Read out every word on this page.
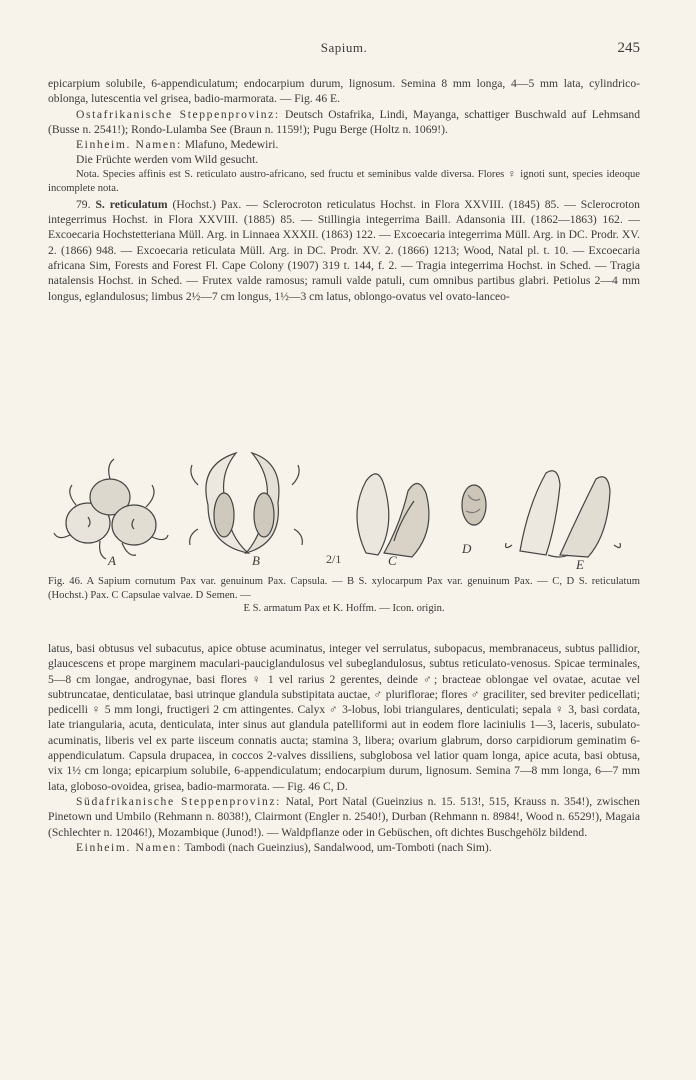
Sapium.	245

epicarpium solubile, 6-appendiculatum; endocarpium durum, lignosum. Semina 8 mm longa, 4—5 mm lata, cylindrico-oblonga, lutescentia vel grisea, badio-marmorata. — Fig. 46 E.

Ostafrikanische Steppenprovinz: Deutsch Ostafrika, Lindi, Mayanga, schattiger Buschwald auf Lehmsand (Busse n. 2541!); Rondo-Lulamba See (Braun n. 1159!); Pugu Berge (Holtz n. 1069!).

Einheim. Namen: Mlafuno, Medewiri.

Die Früchte werden vom Wild gesucht.

Nota. Species affinis est S. reticulato austro-africano, sed fructu et seminibus valde diversa. Flores ♀ ignoti sunt, species ideoque incomplete nota.

79. S. reticulatum (Hochst.) Pax. — Sclerocroton reticulatus Hochst. in Flora XXVIII. (1845) 85. — Sclerocroton integerrimus Hochst. in Flora XXVIII. (1885) 85. — Stillingia integerrima Baill. Adansonia III. (1862—1863) 162. — Excoecaria Hochstetteriana Müll. Arg. in Linnaea XXXII. (1863) 122. — Excoecaria integerrima Müll. Arg. in DC. Prodr. XV. 2. (1866) 948. — Excoecaria reticulata Müll. Arg. in DC. Prodr. XV. 2. (1866) 1213; Wood, Natal pl. t. 10. — Excoecaria africana Sim, Forests and Forest Fl. Cape Colony (1907) 319 t. 144, f. 2. — Tragia integerrima Hochst. in Sched. — Tragia natalensis Hochst. in Sched. — Frutex valde ramosus; ramuli valde patuli, cum omnibus partibus glabri. Petiolus 2—4 mm longus, eglandulosus; limbus 2½—7 cm longus, 1½—3 cm latus, oblongo-ovatus vel ovato-lanceo-

2/1
A	B	C
D
E
Fig. 46. A Sapium cornutum Pax var. genuinum Pax. Capsula. — B S. xylocarpum Pax var. genuinum Pax. — C, D S. reticulatum (Hochst.) Pax. C Capsulae valvae. D Semen. —
E S. armatum Pax et K. Hoffm. — Icon. origin.

latus, basi obtusus vel subacutus, apice obtuse acuminatus, integer vel serrulatus, subopacus, membranaceus, subtus pallidior, glaucescens et prope marginem maculari-pauciglandulosus vel subeglandulosus, subtus reticulato-venosus. Spicae terminales, 5—8 cm longae, androgynae, basi flores ♀ 1 vel rarius 2 gerentes, deinde ♂; bracteae oblongae vel ovatae, acutae vel subtruncatae, denticulatae, basi utrinque glandula substipitata auctae, ♂ pluriflorae; flores ♂ graciliter, sed breviter pedicellati; pedicelli ♀ 5 mm longi, fructigeri 2 cm attingentes. Calyx ♂ 3-lobus, lobi triangulares, denticulati; sepala ♀ 3, basi cordata, late triangularia, acuta, denticulata, inter sinus aut glandula patelliformi aut in eodem flore laciniulis 1—3, laceris, subulato-acuminatis, liberis vel ex parte iisceum connatis aucta; stamina 3, libera; ovarium glabrum, dorso carpidiorum geminatim 6-appendiculatum. Capsula drupacea, in coccos 2-valves dissiliens, subglobosa vel latior quam longa, apice acuta, basi obtusa, vix 1½ cm longa; epicarpium solubile, 6-appendiculatum; endocarpium durum, lignosum. Semina 7—8 mm longa, 6—7 mm lata, globoso-ovoidea, grisea, badio-marmorata. — Fig. 46 C, D.

Südafrikanische Steppenprovinz: Natal, Port Natal (Gueinzius n. 15. 513!, 515, Krauss n. 354!), zwischen Pinetown und Umbilo (Rehmann n. 8038!), Clairmont (Engler n. 2540!), Durban (Rehmann n. 8984!, Wood n. 6529!), Magaia (Schlechter n. 12046!), Mozambique (Junod!). — Waldpflanze oder in Gebüschen, oft dichtes Buschgehölz bildend.

Einheim. Namen: Tambodi (nach Gueinzius), Sandalwood, um-Tomboti (nach Sim).
